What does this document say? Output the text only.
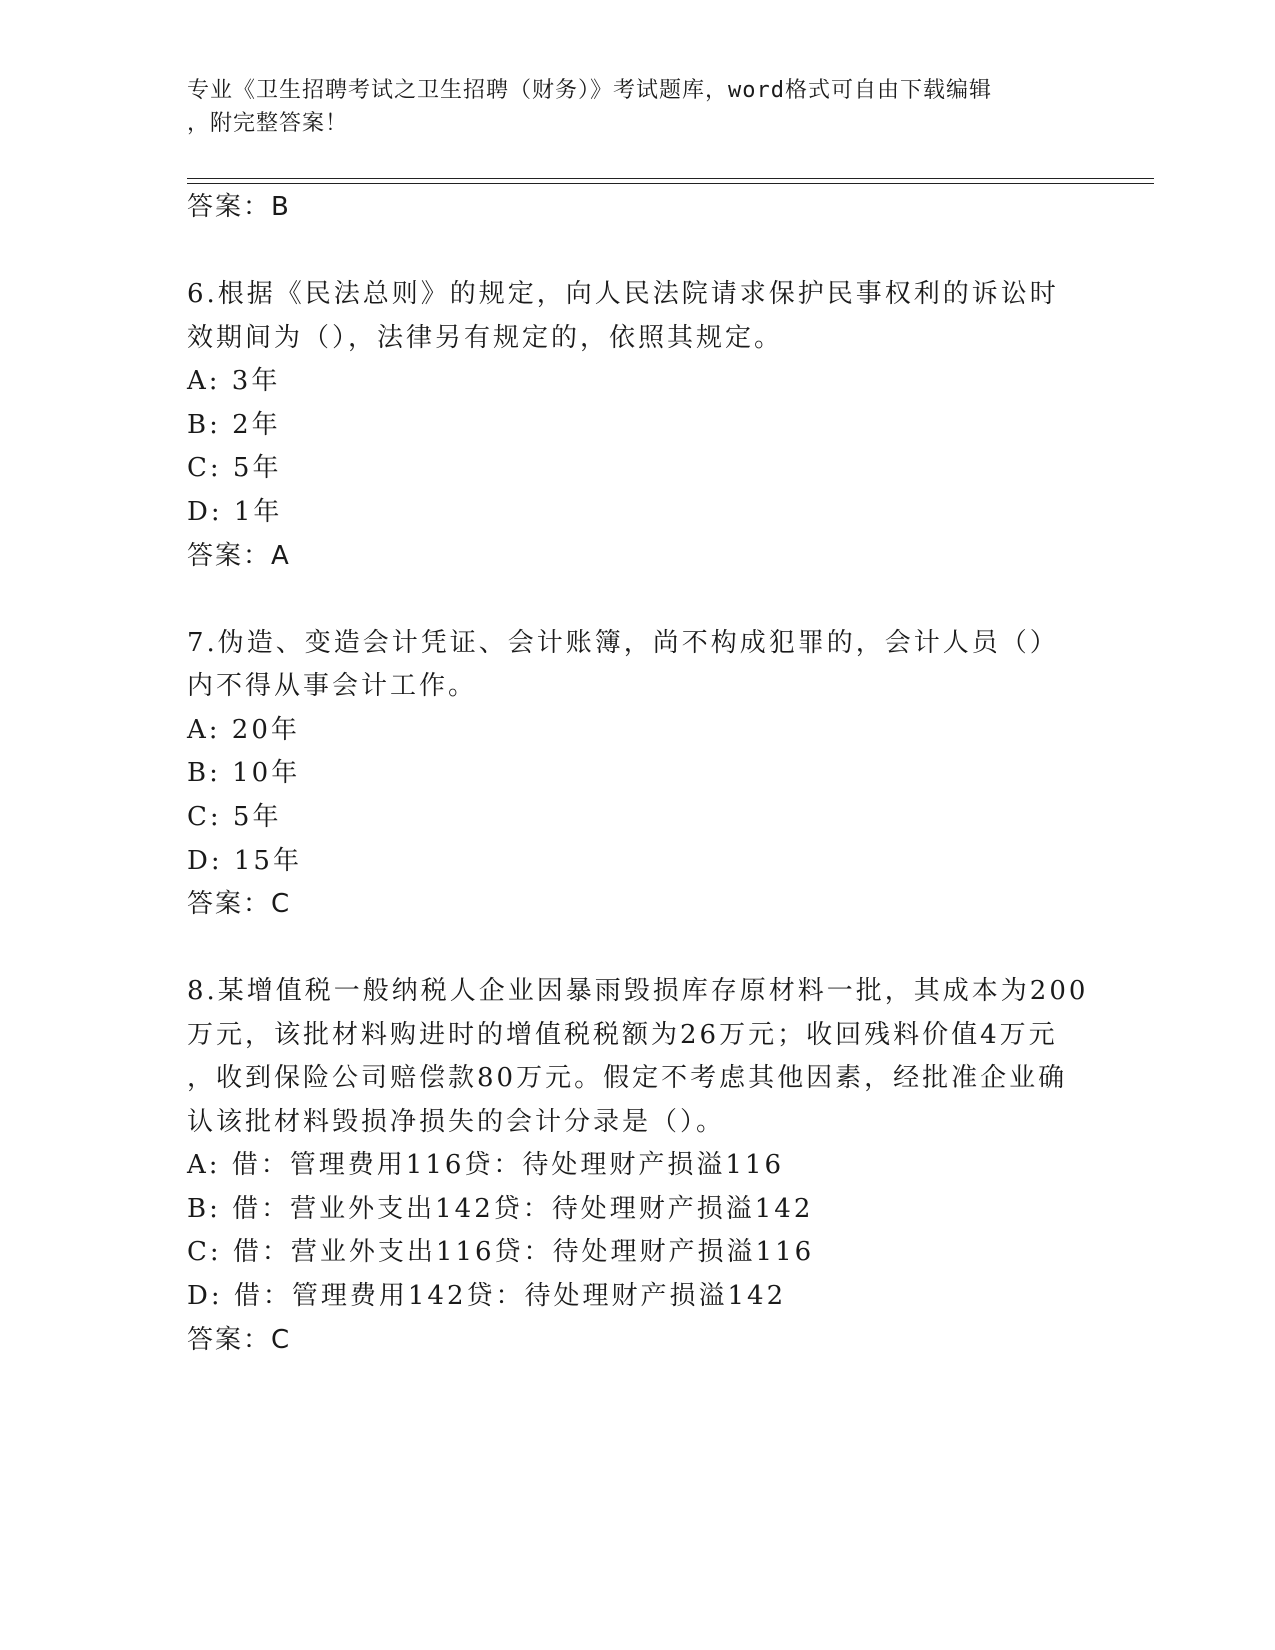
专业《卫生招聘考试之卫生招聘（财务）》考试题库，word格式可自由下载编辑
，附完整答案！
答案：B
6.根据《民法总则》的规定，向人民法院请求保护民事权利的诉讼时
效期间为（），法律另有规定的，依照其规定。
A: 3年
B: 2年
C: 5年
D: 1年
答案：A
7.伪造、变造会计凭证、会计账簿，尚不构成犯罪的，会计人员（）
内不得从事会计工作。
A: 20年
B: 10年
C: 5年
D: 15年
答案：C
8.某增值税一般纳税人企业因暴雨毁损库存原材料一批，其成本为200
万元，该批材料购进时的增值税税额为26万元；收回残料价值4万元
，收到保险公司赔偿款80万元。假定不考虑其他因素，经批准企业确
认该批材料毁损净损失的会计分录是（）。
A: 借：管理费用116贷：待处理财产损溢116
B: 借：营业外支出142贷：待处理财产损溢142
C: 借：营业外支出116贷：待处理财产损溢116
D: 借：管理费用142贷：待处理财产损溢142
答案：C
